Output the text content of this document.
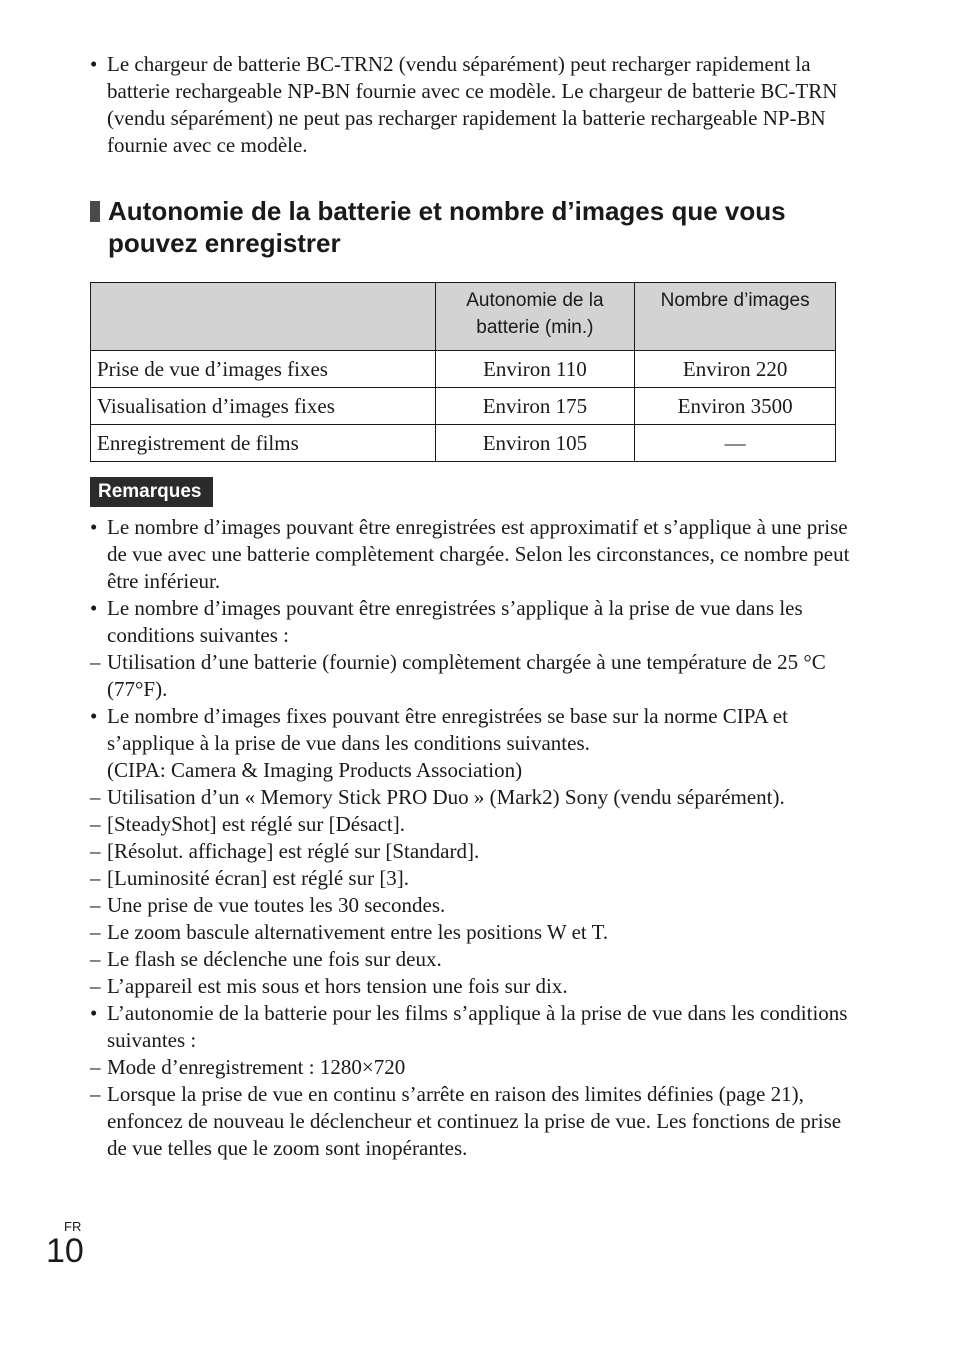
• Le chargeur de batterie BC-TRN2 (vendu séparément) peut recharger rapidement la batterie rechargeable NP-BN fournie avec ce modèle. Le chargeur de batterie BC-TRN (vendu séparément) ne peut pas recharger rapidement la batterie rechargeable NP-BN fournie avec ce modèle.
Autonomie de la batterie et nombre d’images que vous pouvez enregistrer
	Autonomie de la batterie (min.)	Nombre d’images
Prise de vue d’images fixes	Environ 110	Environ 220
Visualisation d’images fixes	Environ 175	Environ 3500
Enregistrement de films	Environ 105	—
Remarques
• Le nombre d’images pouvant être enregistrées est approximatif et s’applique à une prise de vue avec une batterie complètement chargée. Selon les circonstances, ce nombre peut être inférieur.
• Le nombre d’images pouvant être enregistrées s’applique à la prise de vue dans les conditions suivantes :
– Utilisation d’une batterie (fournie) complètement chargée à une température de 25 °C (77°F).
• Le nombre d’images fixes pouvant être enregistrées se base sur la norme CIPA et s’applique à la prise de vue dans les conditions suivantes.
(CIPA: Camera & Imaging Products Association)
– Utilisation d’un « Memory Stick PRO Duo » (Mark2) Sony (vendu séparément).
– [SteadyShot] est réglé sur [Désact].
– [Résolut. affichage] est réglé sur [Standard].
– [Luminosité écran] est réglé sur [3].
– Une prise de vue toutes les 30 secondes.
– Le zoom bascule alternativement entre les positions W et T.
– Le flash se déclenche une fois sur deux.
– L’appareil est mis sous et hors tension une fois sur dix.
• L’autonomie de la batterie pour les films s’applique à la prise de vue dans les conditions suivantes :
– Mode d’enregistrement : 1280×720
– Lorsque la prise de vue en continu s’arrête en raison des limites définies (page 21), enfoncez de nouveau le déclencheur et continuez la prise de vue. Les fonctions de prise de vue telles que le zoom sont inopérantes.
FR
10
